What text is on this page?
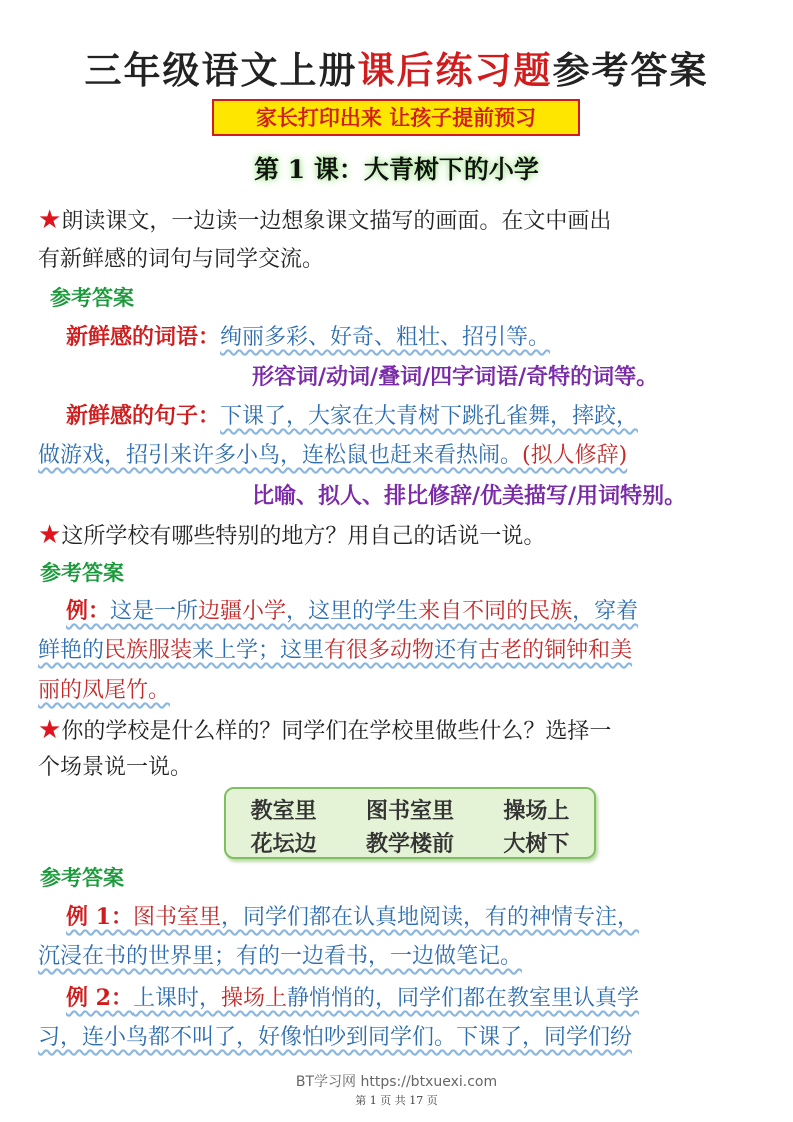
三年级语文上册课后练习题参考答案
家长打印出来 让孩子提前预习
第 1 课：大青树下的小学
★朗读课文，一边读一边想象课文描写的画面。在文中画出
有新鲜感的词句与同学交流。
参考答案
新鲜感的词语：绚丽多彩、好奇、粗壮、招引等。
形容词/动词/叠词/四字词语/奇特的词等。
新鲜感的句子：下课了，大家在大青树下跳孔雀舞，摔跤，
做游戏，招引来许多小鸟，连松鼠也赶来看热闹。(拟人修辞)
比喻、拟人、排比修辞/优美描写/用词特别。
★这所学校有哪些特别的地方？用自己的话说一说。
参考答案
例：这是一所边疆小学，这里的学生来自不同的民族，穿着
鲜艳的民族服装来上学；这里有很多动物还有古老的铜钟和美
丽的凤尾竹。
★你的学校是什么样的？同学们在学校里做些什么？选择一
个场景说一说。
教室里 图书室里 操场上
花坛边 教学楼前 大树下
参考答案
例 1：图书室里，同学们都在认真地阅读，有的神情专注，
沉浸在书的世界里；有的一边看书，一边做笔记。
例 2：上课时，操场上静悄悄的，同学们都在教室里认真学
习，连小鸟都不叫了，好像怕吵到同学们。下课了，同学们纷
BT学习网 https://btxuexi.com
第 1 页 共 17 页
